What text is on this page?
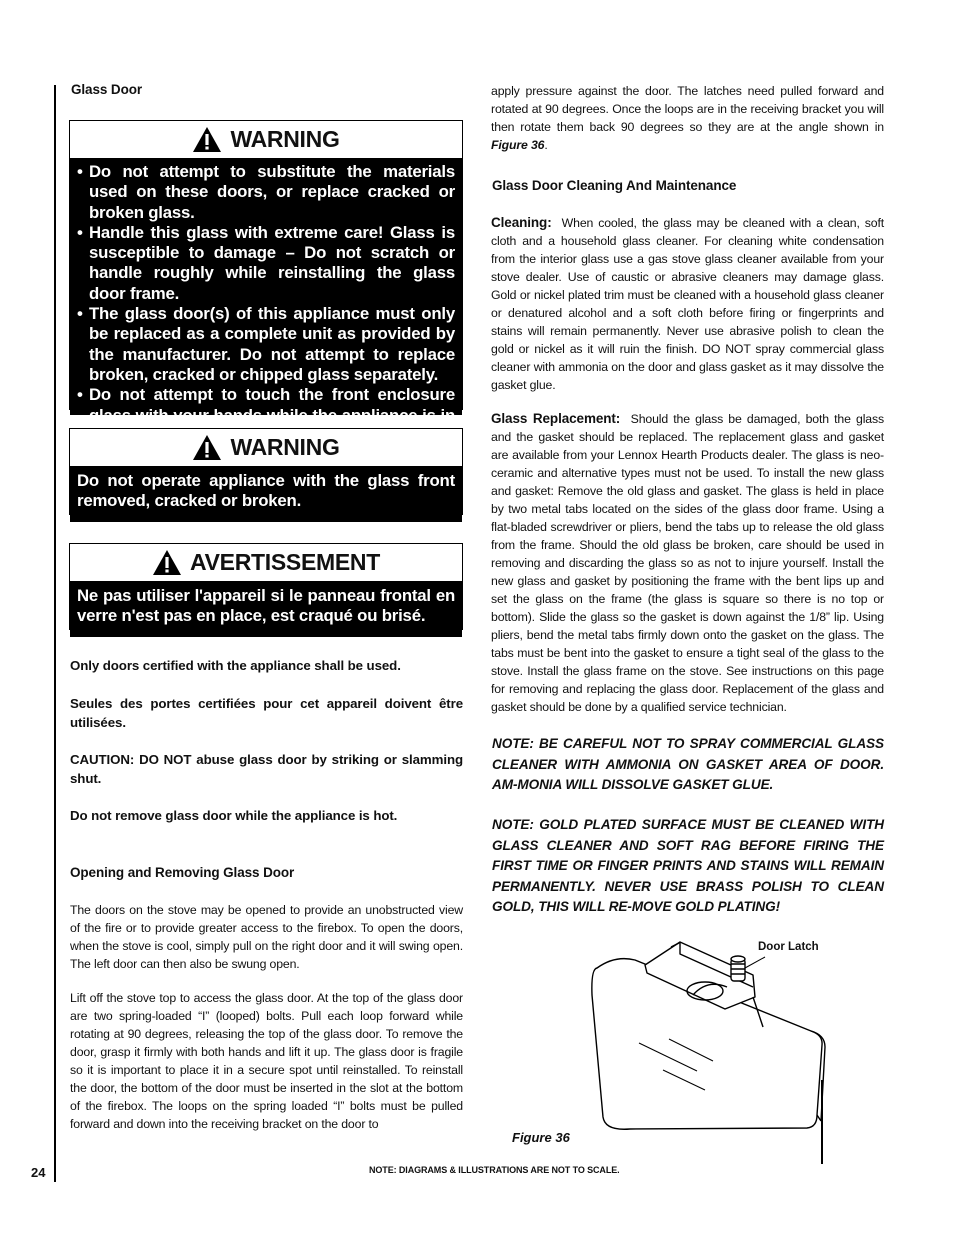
Glass Door
WARNING
• Do not attempt to substitute the materials used on these doors, or replace cracked or broken glass.
• Handle this glass with extreme care! Glass is susceptible to damage – Do not scratch or handle roughly while reinstalling the glass door frame.
• The glass door(s) of this appliance must only be replaced as a complete unit as provided by the manufacturer. Do not attempt to replace broken, cracked or chipped glass separately.
• Do not attempt to touch the front enclosure glass with your hands while the appliance is in
WARNING
Do not operate appliance with the glass front removed, cracked or broken.
AVERTISSEMENT
Ne pas utiliser l'appareil si le panneau frontal en verre n'est pas en place, est craqué ou brisé.
Only doors certified with the appliance shall be used.
Seules des portes certifiées pour cet appareil doivent être utilisées.
CAUTION: DO NOT abuse glass door by striking or slamming shut.
Do not remove glass door while the appliance is hot.
Opening and Removing Glass Door
The doors on the stove may be opened to provide an unobstructed view of the fire or to provide greater access to the firebox. To open the doors, when the stove is cool, simply pull on the right door and it will swing open. The left door can then also be swung open.
Lift off the stove top to access the glass door. At the top of the glass door are two spring-loaded “I” (looped) bolts. Pull each loop forward while rotating at 90 degrees, releasing the top of the glass door. To remove the door, grasp it firmly with both hands and lift it up. The glass door is fragile so it is important to place it in a secure spot until reinstalled. To reinstall the door, the bottom of the door must be inserted in the slot at the bottom of the firebox. The loops on the spring loaded “I” bolts must be pulled forward and down into the receiving bracket on the door to
apply pressure against the door. The latches need pulled forward and rotated at 90 degrees. Once the loops are in the receiving bracket you will then rotate them back 90 degrees so they are at the angle shown in Figure 36.
Glass Door Cleaning And Maintenance
Cleaning: When cooled, the glass may be cleaned with a clean, soft cloth and a household glass cleaner. For cleaning white condensation from the interior glass use a gas stove glass cleaner available from your stove dealer. Use of caustic or abrasive cleaners may damage glass. Gold or nickel plated trim must be cleaned with a household glass cleaner or denatured alcohol and a soft cloth before firing or fingerprints and stains will remain permanently. Never use abrasive polish to clean the gold or nickel as it will ruin the finish. DO NOT spray commercial glass cleaner with ammonia on the door and glass gasket as it may dissolve the gasket glue.
Glass Replacement: Should the glass be damaged, both the glass and the gasket should be replaced. The replacement glass and gasket are available from your Lennox Hearth Products dealer. The glass is neo-ceramic and alternative types must not be used. To install the new glass and gasket: Remove the old glass and gasket. The glass is held in place by two metal tabs located on the sides of the glass door frame. Using a flat-bladed screwdriver or pliers, bend the tabs up to release the old glass from the frame. Should the old glass be broken, care should be used in removing and discarding the glass so as not to injure yourself. Install the new glass and gasket by positioning the frame with the bent lips up and set the glass on the frame (the glass is square so there is no top or bottom). Slide the glass so the gasket is down against the 1/8” lip. Using pliers, bend the metal tabs firmly down onto the gasket on the glass. The tabs must be bent into the gasket to ensure a tight seal of the glass to the stove. Install the glass frame on the stove. See instructions on this page for removing and replacing the glass door. Replacement of the glass and gasket should be done by a qualified service technician.
NOTE: BE CAREFUL NOT TO SPRAY COMMERCIAL GLASS CLEANER WITH AMMONIA ON GASKET AREA OF DOOR. AM-MONIA WILL DISSOLVE GASKET GLUE.
NOTE: GOLD PLATED SURFACE MUST BE CLEANED WITH GLASS CLEANER AND SOFT RAG BEFORE FIRING THE FIRST TIME OR FINGER PRINTS AND STAINS WILL REMAIN PERMANENTLY. NEVER USE BRASS POLISH TO CLEAN GOLD, THIS WILL RE-MOVE GOLD PLATING!
Door Latch
Figure 36
24	NOTE: DIAGRAMS & ILLUSTRATIONS ARE NOT TO SCALE.
